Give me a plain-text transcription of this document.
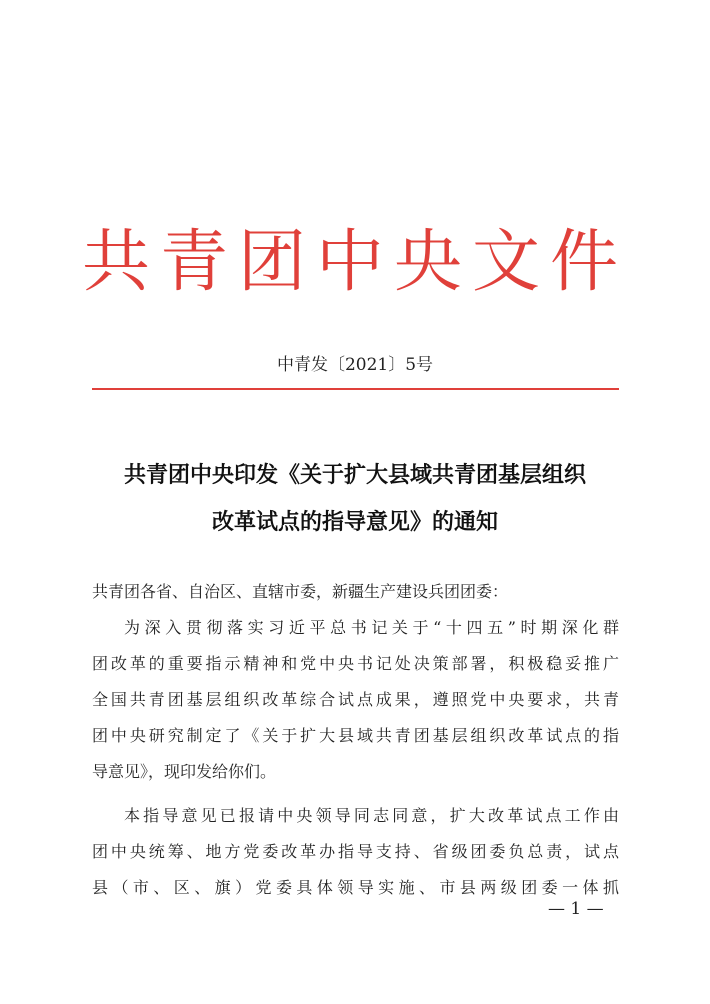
共青团中央文件
中青发〔2021〕5号
共青团中央印发《关于扩大县域共青团基层组织
改革试点的指导意见》的通知
共青团各省、自治区、直辖市委，新疆生产建设兵团团委：
为深入贯彻落实习近平总书记关于“十四五”时期深化群
团改革的重要指示精神和党中央书记处决策部署，积极稳妥推广
全国共青团基层组织改革综合试点成果，遵照党中央要求，共青
团中央研究制定了《关于扩大县域共青团基层组织改革试点的指
导意见》，现印发给你们。
本指导意见已报请中央领导同志同意，扩大改革试点工作由
团中央统筹、地方党委改革办指导支持、省级团委负总责，试点
县（市、区、旗）党委具体领导实施、市县两级团委一体抓
— 1 —
